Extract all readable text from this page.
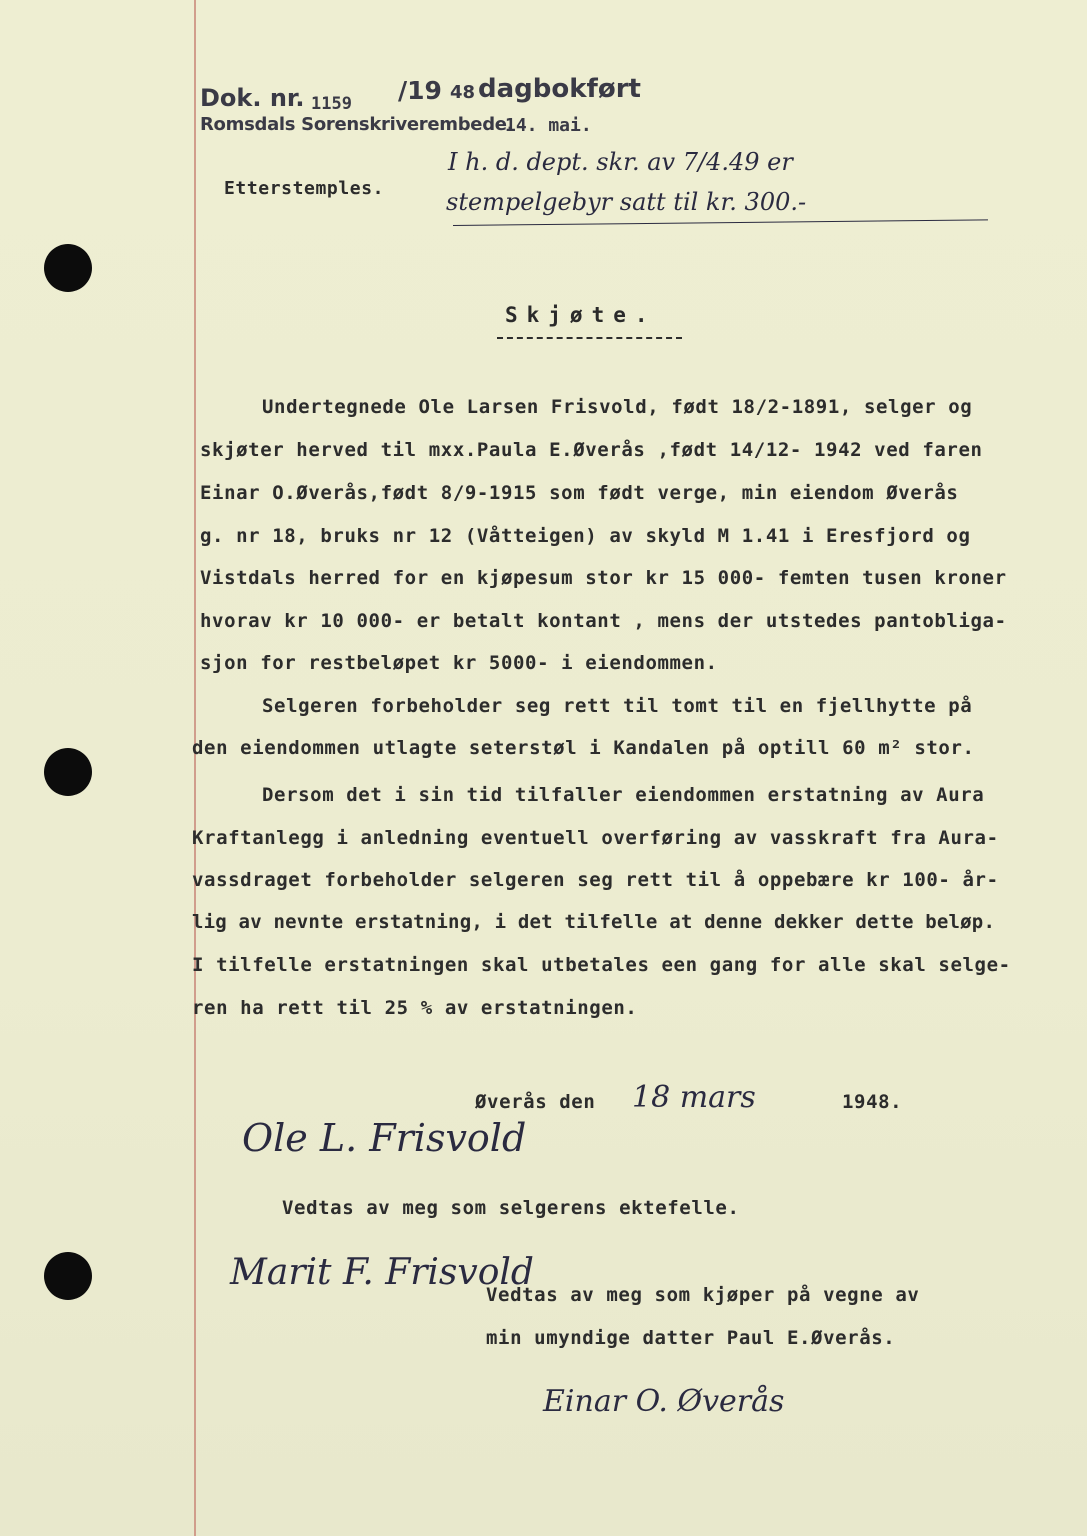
Dok. nr. 1159 /19 48 dagbokført
Romsdals Sorenskriverembede.
14. mai.
Etterstemples.
I h. d. dept. skr. av 7/4.49 er
stempelgebyr satt til kr. 300.-
Skjøte.
Undertegnede Ole Larsen Frisvold, født 18/2-1891, selger og
skjøter herved til mxx.Paula E.Øverås ,født 14/12- 1942 ved faren
Einar O.Øverås,født 8/9-1915 som født verge, min eiendom Øverås
g. nr 18, bruks nr 12 (Våtteigen) av skyld M 1.41 i Eresfjord og
Vistdals herred for en kjøpesum stor kr 15 000- femten tusen kroner
hvorav kr 10 000- er betalt kontant , mens der utstedes pantobliga-
sjon for restbeløpet kr 5000- i eiendommen.
Selgeren forbeholder seg rett til tomt til en fjellhytte på
den eiendommen utlagte seterstøl i Kandalen på optill 60 m² stor.
Dersom det i sin tid tilfaller eiendommen erstatning av Aura
Kraftanlegg i anledning eventuell overføring av vasskraft fra Aura-
vassdraget forbeholder selgeren seg rett til å oppebære kr 100- år-
lig av nevnte erstatning, i det tilfelle at denne dekker dette beløp.
I tilfelle erstatningen skal utbetales een gang for alle skal selge-
ren ha rett til 25 % av erstatningen.
Øverås den 18 mars	1948.
Ole L. Frisvold
Vedtas av meg som selgerens ektefelle.
Marit F. Frisvold
Vedtas av meg som kjøper på vegne av
min umyndige datter Paul E.Øverås.
Einar O. Øverås
